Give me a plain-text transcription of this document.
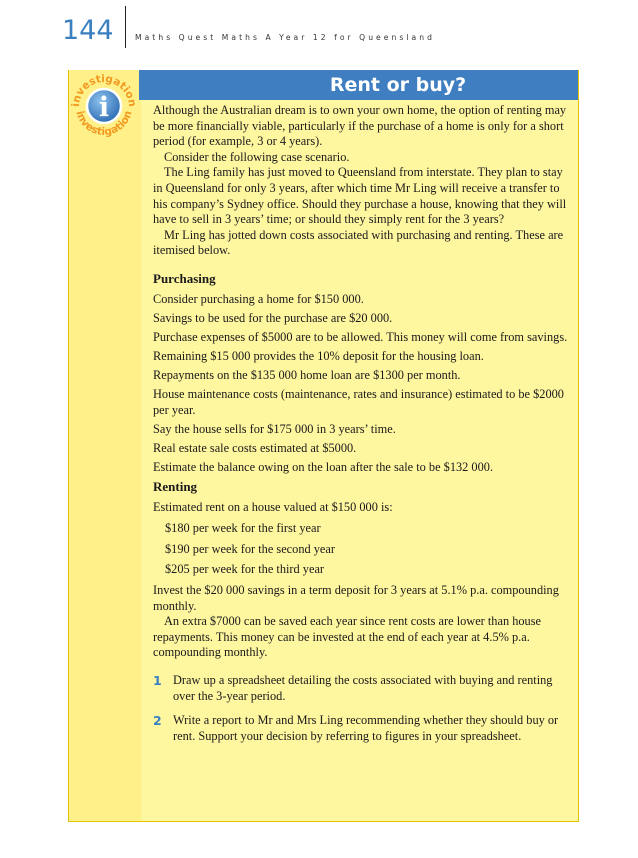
144	Maths Quest Maths A Year 12 for Queensland
investigation
i
investigation
Rent or buy?

Although the Australian dream is to own your own home, the option of renting may be more financially viable, particularly if the purchase of a home is only for a short period (for example, 3 or 4 years).

Consider the following case scenario.

The Ling family has just moved to Queensland from interstate. They plan to stay in Queensland for only 3 years, after which time Mr Ling will receive a transfer to his company’s Sydney office. Should they purchase a house, knowing that they will have to sell in 3 years’ time; or should they simply rent for the 3 years?

Mr Ling has jotted down costs associated with purchasing and renting. These are itemised below.

Purchasing

Consider purchasing a home for $150 000.

Savings to be used for the purchase are $20 000.

Purchase expenses of $5000 are to be allowed. This money will come from savings.

Remaining $15 000 provides the 10% deposit for the housing loan.

Repayments on the $135 000 home loan are $1300 per month.

House maintenance costs (maintenance, rates and insurance) estimated to be $2000 per year.

Say the house sells for $175 000 in 3 years’ time.

Real estate sale costs estimated at $5000.

Estimate the balance owing on the loan after the sale to be $132 000.

Renting

Estimated rent on a house valued at $150 000 is:

$180 per week for the first year

$190 per week for the second year

$205 per week for the third year

Invest the $20 000 savings in a term deposit for 3 years at 5.1% p.a. compounding monthly.

An extra $7000 can be saved each year since rent costs are lower than house repayments. This money can be invested at the end of each year at 4.5% p.a. compounding monthly.

1 Draw up a spreadsheet detailing the costs associated with buying and renting over the 3-year period.
2 Write a report to Mr and Mrs Ling recommending whether they should buy or rent. Support your decision by referring to figures in your spreadsheet.
